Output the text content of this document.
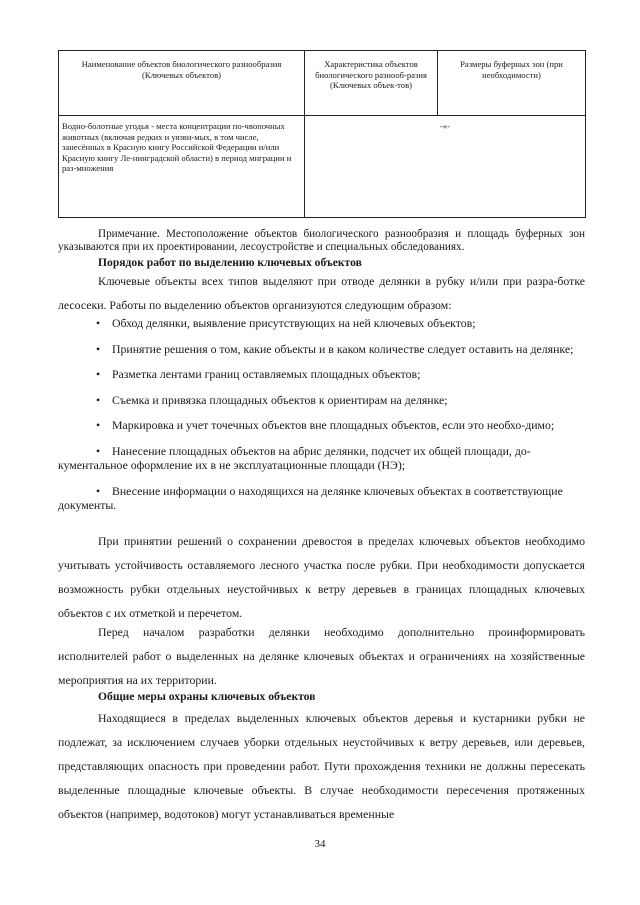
Наименование объектов биологического разнообразия (Ключевых объектов)	Характеристика объектов биологического разнооб-разия (Ключевых объек-тов)	Размеры буферных зон (при необходимости)
Водно-болотные угодья - места концентрации по-чвопочных животных (включая редких и уязви-мых, в том числе, занесённых в Красную книгу Российской Федерации и/или Красную книгу Ле-нинградской области) в период миграции и раз-множения	-«-	
Примечание. Местоположение объектов биологического разнообразия и площадь буферных зон указываются при их проектировании, лесоустройстве и специальных обследованиях.
Порядок работ по выделению ключевых объектов
Ключевые объекты всех типов выделяют при отводе делянки в рубку и/или при разра-ботке лесосеки. Работы по выделению объектов организуются следующим образом:
• Обход делянки, выявление присутствующих на ней ключевых объектов;
• Принятие решения о том, какие объекты и в каком количестве следует оставить на делянке;
• Разметка лентами границ оставляемых площадных объектов;
• Съемка и привязка площадных объектов к ориентирам на делянке;
• Маркировка и учет точечных объектов вне площадных объектов, если это необхо-димо;
• Нанесение площадных объектов на абрис делянки, подсчет их общей площади, до-кументальное оформление их в не эксплуатационные площади (НЭ);
• Внесение информации о находящихся на делянке ключевых объектах в соответствующие документы.
При принятии решений о сохранении древостоя в пределах ключевых объектов необходимо учитывать устойчивость оставляемого лесного участка после рубки. При необходимости допускается возможность рубки отдельных неустойчивых к ветру деревьев в границах площадных ключевых объектов с их отметкой и перечетом.
Перед началом разработки делянки необходимо дополнительно проинформировать исполнителей работ о выделенных на делянке ключевых объектах и ограничениях на хозяйственные мероприятия на их территории.
Общие меры охраны ключевых объектов
Находящиеся в пределах выделенных ключевых объектов деревья и кустарники рубки не подлежат, за исключением случаев уборки отдельных неустойчивых к ветру деревьев, или деревьев, представляющих опасность при проведении работ. Пути прохождения техники не должны пересекать выделенные площадные ключевые объекты. В случае необходимости пересечения протяженных объектов (например, водотоков) могут устанавливаться временные
34
